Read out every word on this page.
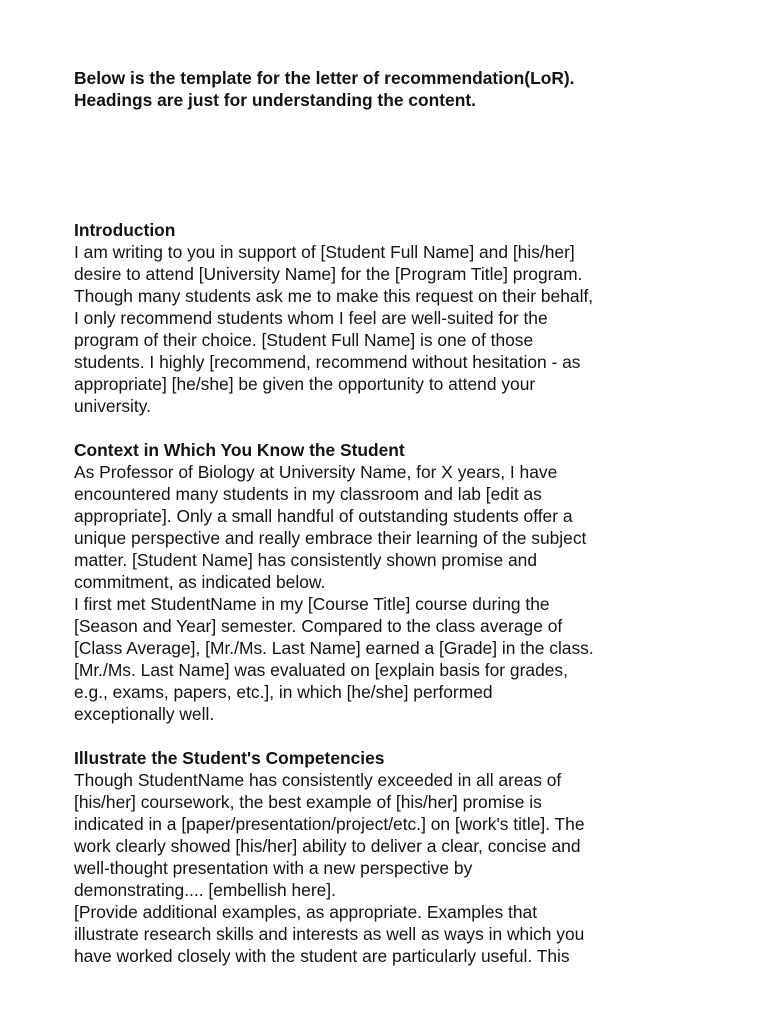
Below is the template for the letter of recommendation(LoR).

Headings are just for understanding the content.

Introduction

I am writing to you in support of [Student Full Name] and [his/her]
desire to attend [University Name] for the [Program Title] program.
Though many students ask me to make this request on their behalf,
I only recommend students whom I feel are well-suited for the
program of their choice. [Student Full Name] is one of those
students. I highly [recommend, recommend without hesitation - as
appropriate] [he/she] be given the opportunity to attend your
university.

Context in Which You Know the Student

As Professor of Biology at University Name, for X years, I have
encountered many students in my classroom and lab [edit as
appropriate]. Only a small handful of outstanding students offer a
unique perspective and really embrace their learning of the subject
matter. [Student Name] has consistently shown promise and
commitment, as indicated below.

I first met StudentName in my [Course Title] course during the
[Season and Year] semester. Compared to the class average of
[Class Average], [Mr./Ms. Last Name] earned a [Grade] in the class.
[Mr./Ms. Last Name] was evaluated on [explain basis for grades,
e.g., exams, papers, etc.], in which [he/she] performed
exceptionally well.

Illustrate the Student's Competencies

Though StudentName has consistently exceeded in all areas of
[his/her] coursework, the best example of [his/her] promise is
indicated in a [paper/presentation/project/etc.] on [work's title]. The
work clearly showed [his/her] ability to deliver a clear, concise and
well-thought presentation with a new perspective by
demonstrating.... [embellish here].

[Provide additional examples, as appropriate. Examples that
illustrate research skills and interests as well as ways in which you
have worked closely with the student are particularly useful. This
